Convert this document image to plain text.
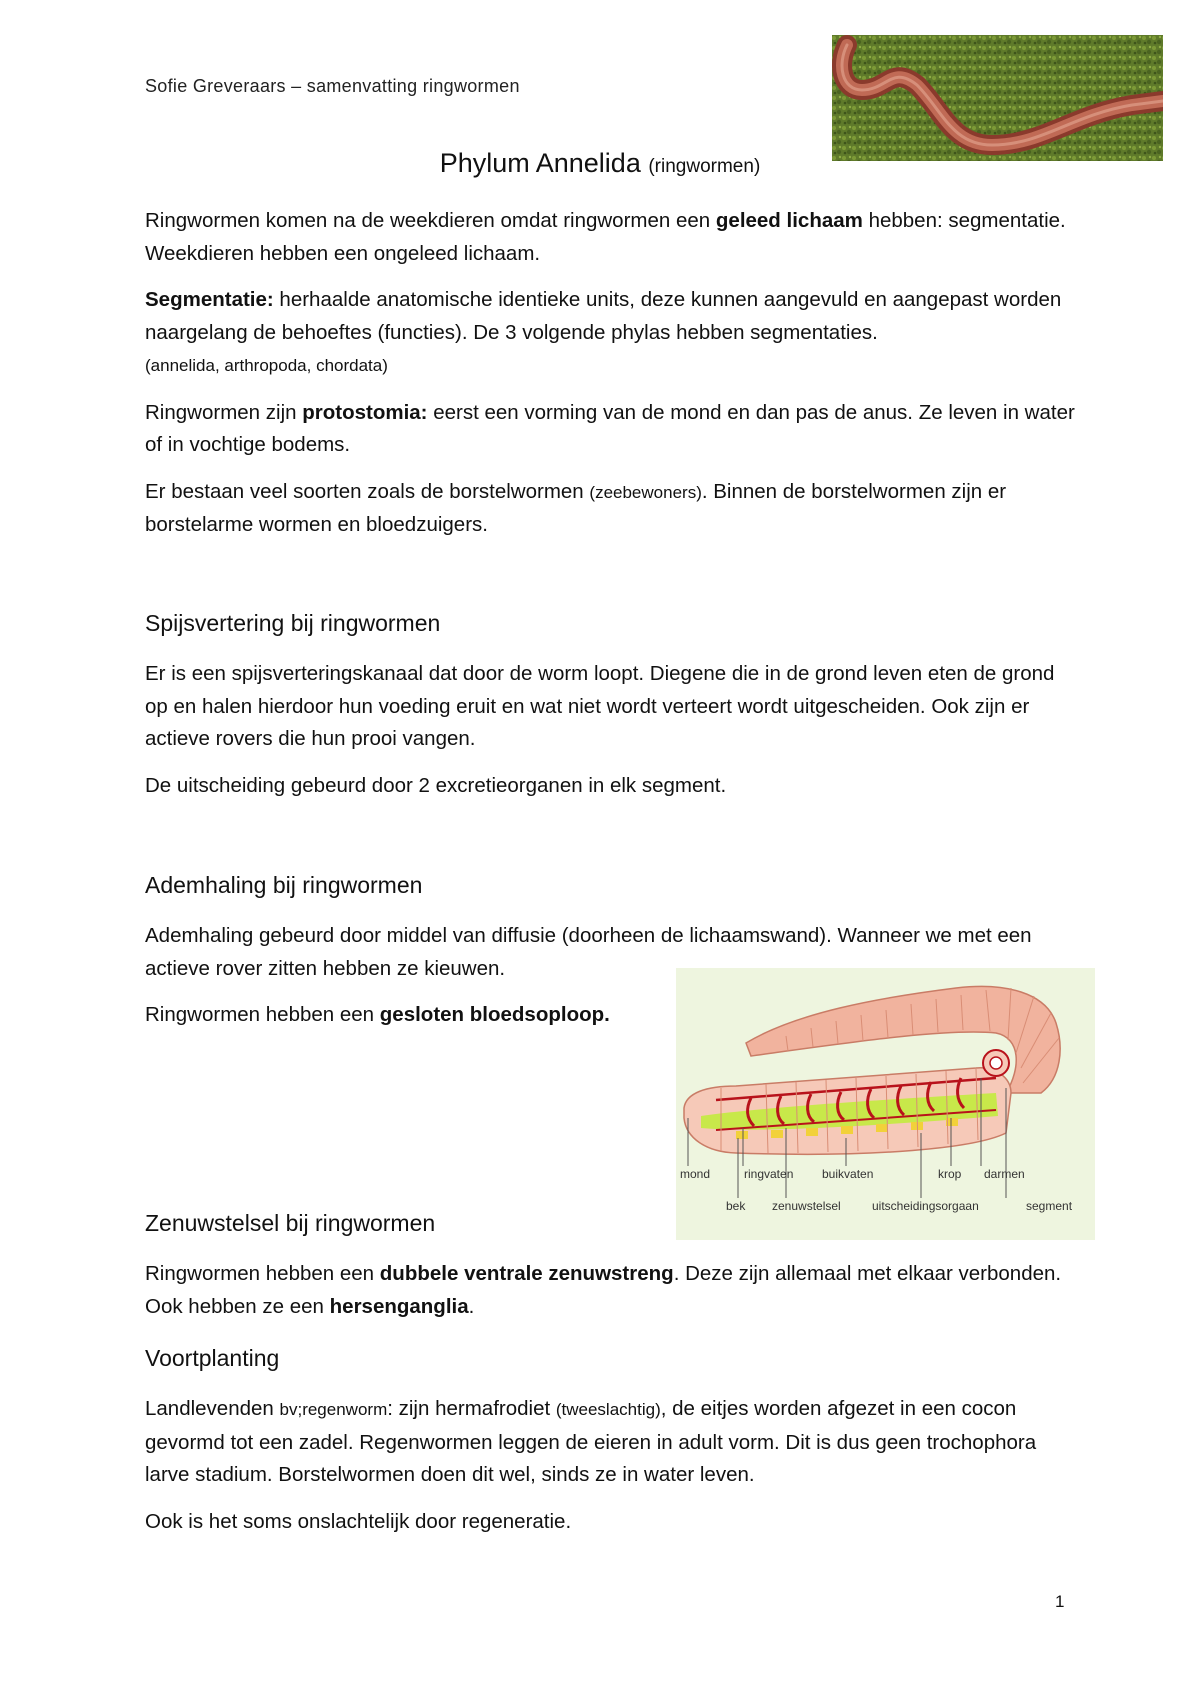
Sofie Greveraars – samenvatting ringwormen
Phylum Annelida (ringwormen)

Ringwormen komen na de weekdieren omdat ringwormen een geleed lichaam hebben: segmentatie. Weekdieren hebben een ongeleed lichaam.

Segmentatie: herhaalde anatomische identieke units, deze kunnen aangevuld en aangepast worden naargelang de behoeftes (functies). De 3 volgende phylas hebben segmentaties.
(annelida, arthropoda, chordata)

Ringwormen zijn protostomia: eerst een vorming van de mond en dan pas de anus. Ze leven in water of in vochtige bodems.

Er bestaan veel soorten zoals de borstelwormen (zeebewoners). Binnen de borstelwormen zijn er borstelarme wormen en bloedzuigers.

Spijsvertering bij ringwormen

Er is een spijsverteringskanaal dat door de worm loopt. Diegene die in de grond leven eten de grond op en halen hierdoor hun voeding eruit en wat niet wordt verteert wordt uitgescheiden. Ook zijn er actieve rovers die hun prooi vangen.

De uitscheiding gebeurd door 2 excretieorganen in elk segment.

Ademhaling bij ringwormen

Ademhaling gebeurd door middel van diffusie (doorheen de lichaamswand). Wanneer we met een actieve rover zitten hebben ze kieuwen.

Ringwormen hebben een gesloten bloedsoploop.

mond	ringvaten buikvaten	krop darmen
bek zenuwstelsel	uitscheidingsorgaan	segment
Zenuwstelsel bij ringwormen

Ringwormen hebben een dubbele ventrale zenuwstreng. Deze zijn allemaal met elkaar verbonden. Ook hebben ze een hersenganglia.

Voortplanting

Landlevenden bv;regenworm: zijn hermafrodiet (tweeslachtig), de eitjes worden afgezet in een cocon gevormd tot een zadel. Regenwormen leggen de eieren in adult vorm. Dit is dus geen trochophora larve stadium. Borstelwormen doen dit wel, sinds ze in water leven.

Ook is het soms onslachtelijk door regeneratie.

1
